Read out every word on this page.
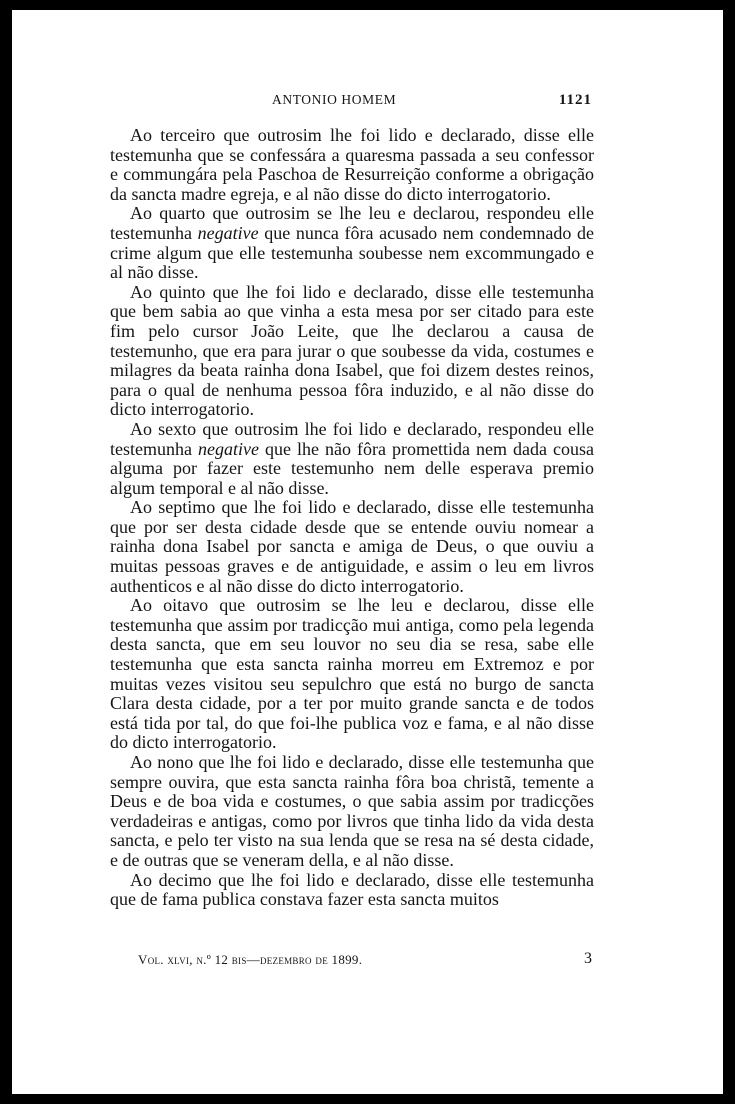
ANTONIO HOMEM	1121

Ao terceiro que outrosim lhe foi lido e declarado, disse elle testemunha que se confessára a quaresma passada a seu confessor e commungára pela Paschoa de Resurreição conforme a obrigação da sancta madre egreja, e al não disse do dicto interrogatorio.

Ao quarto que outrosim se lhe leu e declarou, respondeu elle testemunha negative que nunca fôra acusado nem condemnado de crime algum que elle testemunha soubesse nem excommungado e al não disse.

Ao quinto que lhe foi lido e declarado, disse elle testemunha que bem sabia ao que vinha a esta mesa por ser citado para este fim pelo cursor João Leite, que lhe declarou a causa de testemunho, que era para jurar o que soubesse da vida, costumes e milagres da beata rainha dona Isabel, que foi dizem destes reinos, para o qual de nenhuma pessoa fôra induzido, e al não disse do dicto interrogatorio.

Ao sexto que outrosim lhe foi lido e declarado, respondeu elle testemunha negative que lhe não fôra promettida nem dada cousa alguma por fazer este testemunho nem delle esperava premio algum temporal e al não disse.

Ao septimo que lhe foi lido e declarado, disse elle testemunha que por ser desta cidade desde que se entende ouviu nomear a rainha dona Isabel por sancta e amiga de Deus, o que ouviu a muitas pessoas graves e de antiguidade, e assim o leu em livros authenticos e al não disse do dicto interrogatorio.

Ao oitavo que outrosim se lhe leu e declarou, disse elle testemunha que assim por tradicção mui antiga, como pela legenda desta sancta, que em seu louvor no seu dia se resa, sabe elle testemunha que esta sancta rainha morreu em Extremoz e por muitas vezes visitou seu sepulchro que está no burgo de sancta Clara desta cidade, por a ter por muito grande sancta e de todos está tida por tal, do que foi-lhe publica voz e fama, e al não disse do dicto interrogatorio.

Ao nono que lhe foi lido e declarado, disse elle testemunha que sempre ouvira, que esta sancta rainha fôra boa christã, temente a Deus e de boa vida e costumes, o que sabia assim por tradicções verdadeiras e antigas, como por livros que tinha lido da vida desta sancta, e pelo ter visto na sua lenda que se resa na sé desta cidade, e de outras que se veneram della, e al não disse.

Ao decimo que lhe foi lido e declarado, disse elle testemunha que de fama publica constava fazer esta sancta muitos

Vol. xlvi, n.º 12 bis—dezembro de 1899.	3
